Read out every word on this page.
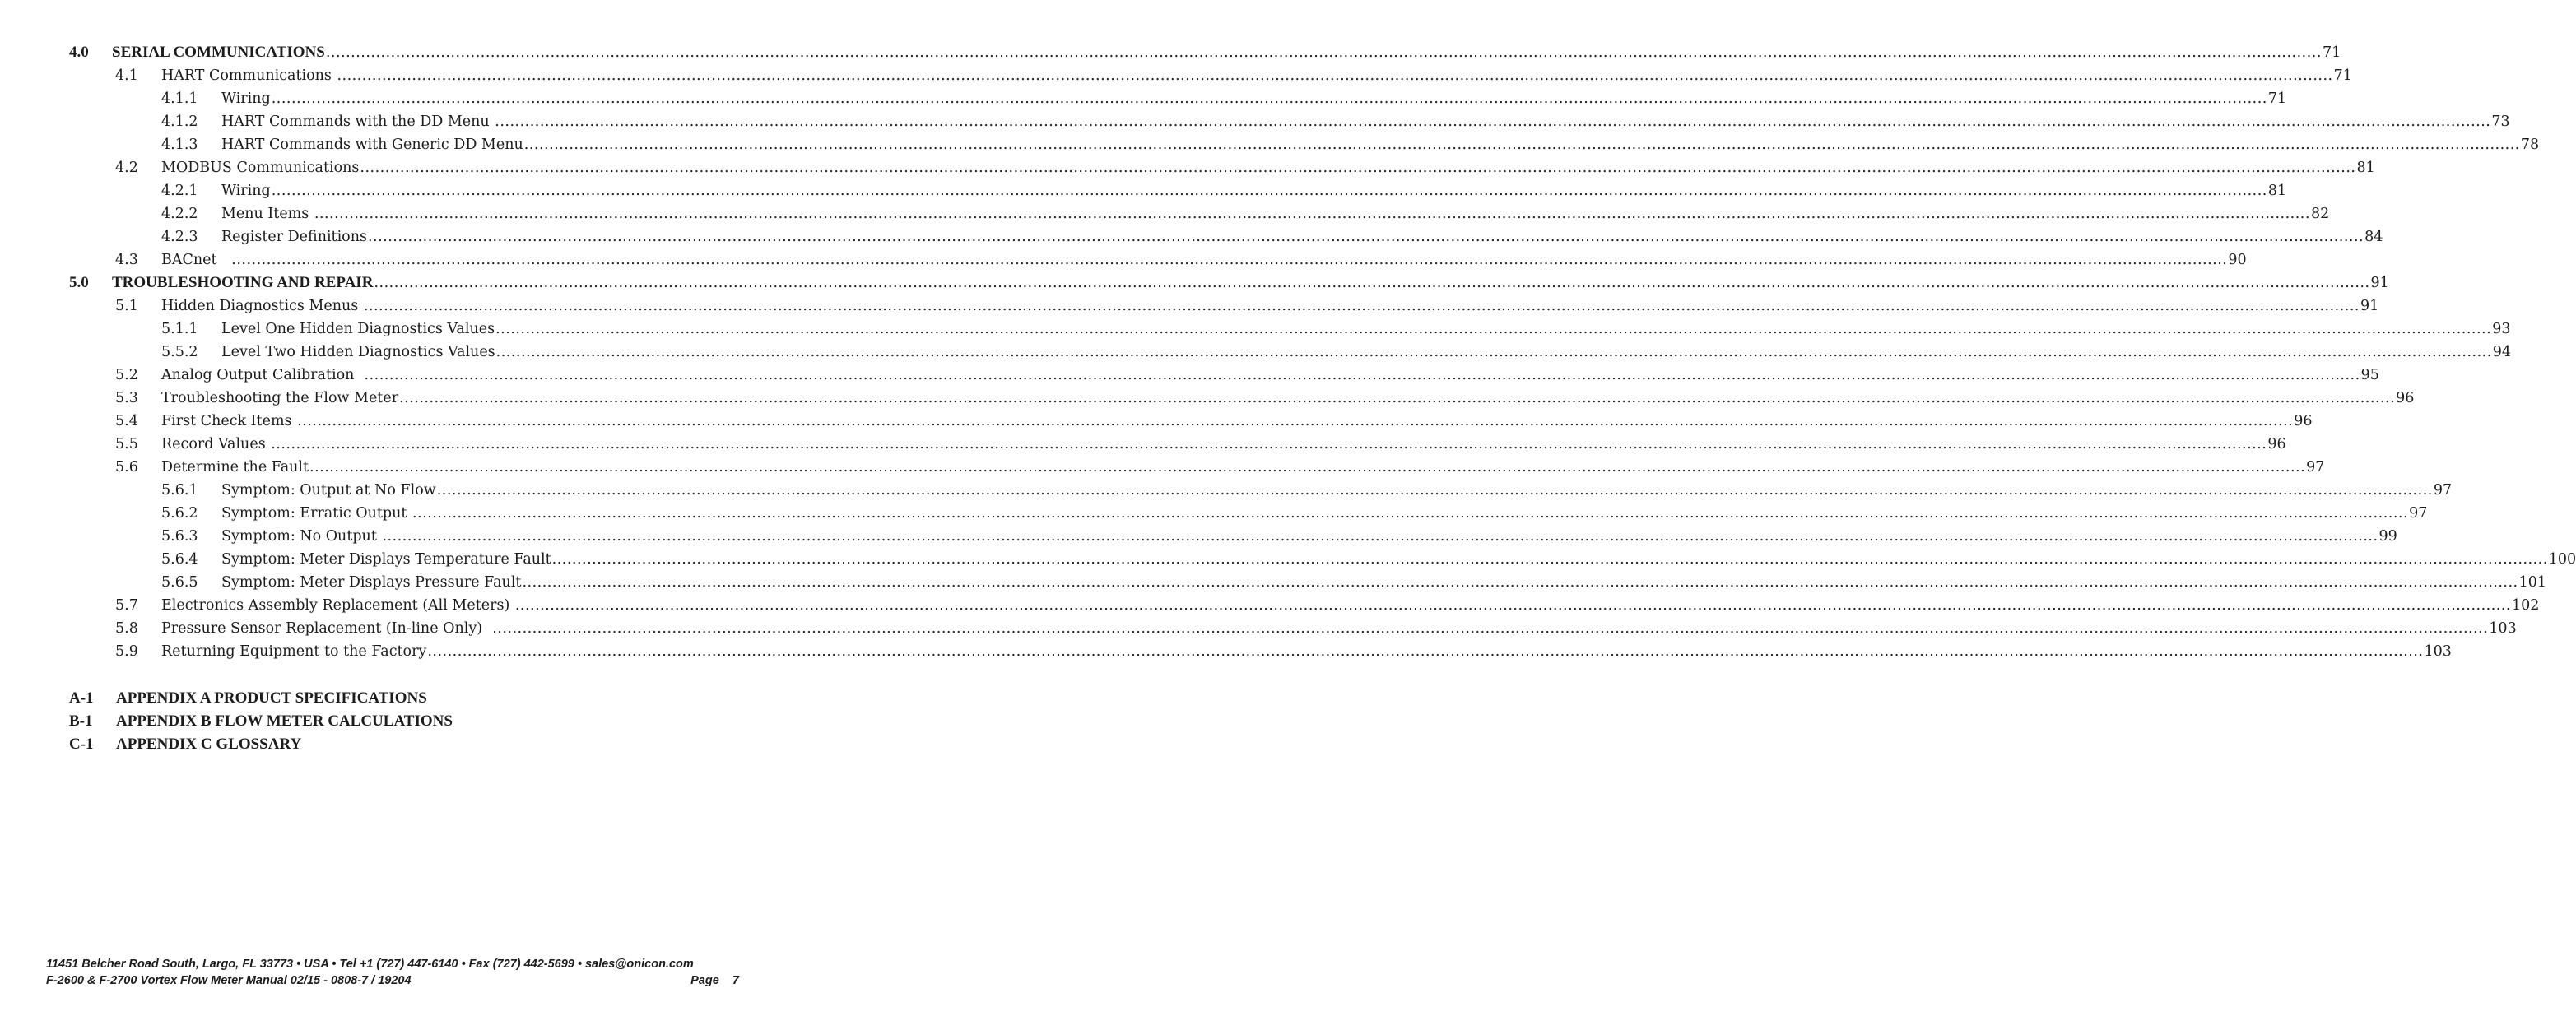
4.0 SERIAL COMMUNICATIONS ................................................................................................................................................................................................................................................................................................................................................................................................................ 71
4.1 HART Communications ................................................................................................................................................................................................................................................................................................................................................................................................................ 71
4.1.1 Wiring ................................................................................................................................................................................................................................................................................................................................................................................................................ 71
4.1.2 HART Commands with the DD Menu ................................................................................................................................................................................................................................................................................................................................................................................................................ 73
4.1.3 HART Commands with Generic DD Menu ................................................................................................................................................................................................................................................................................................................................................................................................................ 78
4.2 MODBUS Communications ................................................................................................................................................................................................................................................................................................................................................................................................................ 81
4.2.1 Wiring ................................................................................................................................................................................................................................................................................................................................................................................................................ 81
4.2.2 Menu Items ................................................................................................................................................................................................................................................................................................................................................................................................................ 82
4.2.3 Register Definitions ................................................................................................................................................................................................................................................................................................................................................................................................................ 84
4.3 BACnet ................................................................................................................................................................................................................................................................................................................................................................................................................ 90
5.0 TROUBLESHOOTING AND REPAIR ................................................................................................................................................................................................................................................................................................................................................................................................................ 91
5.1 Hidden Diagnostics Menus ................................................................................................................................................................................................................................................................................................................................................................................................................ 91
5.1.1 Level One Hidden Diagnostics Values ................................................................................................................................................................................................................................................................................................................................................................................................................ 93
5.5.2 Level Two Hidden Diagnostics Values ................................................................................................................................................................................................................................................................................................................................................................................................................ 94
5.2 Analog Output Calibration ................................................................................................................................................................................................................................................................................................................................................................................................................ 95
5.3 Troubleshooting the Flow Meter ................................................................................................................................................................................................................................................................................................................................................................................................................ 96
5.4 First Check Items ................................................................................................................................................................................................................................................................................................................................................................................................................ 96
5.5 Record Values ................................................................................................................................................................................................................................................................................................................................................................................................................ 96
5.6 Determine the Fault ................................................................................................................................................................................................................................................................................................................................................................................................................ 97
5.6.1 Symptom: Output at No Flow ................................................................................................................................................................................................................................................................................................................................................................................................................ 97
5.6.2 Symptom: Erratic Output ................................................................................................................................................................................................................................................................................................................................................................................................................ 97
5.6.3 Symptom: No Output ................................................................................................................................................................................................................................................................................................................................................................................................................ 99
5.6.4 Symptom: Meter Displays Temperature Fault ................................................................................................................................................................................................................................................................................................................................................................................................................ 100
5.6.5 Symptom: Meter Displays Pressure Fault ................................................................................................................................................................................................................................................................................................................................................................................................................ 101
5.7 Electronics Assembly Replacement (All Meters) ................................................................................................................................................................................................................................................................................................................................................................................................................ 102
5.8 Pressure Sensor Replacement (In-line Only) ................................................................................................................................................................................................................................................................................................................................................................................................................ 103
5.9 Returning Equipment to the Factory ................................................................................................................................................................................................................................................................................................................................................................................................................ 103
A-1 APPENDIX A PRODUCT SPECIFICATIONS
B-1 APPENDIX B FLOW METER CALCULATIONS
C-1 APPENDIX C GLOSSARY
11451 Belcher Road South, Largo, FL 33773 • USA • Tel +1 (727) 447-6140 • Fax (727) 442-5699 • sales@onicon.com
F-2600 & F-2700 Vortex Flow Meter Manual 02/15 - 0808-7 / 19204	Page    7
